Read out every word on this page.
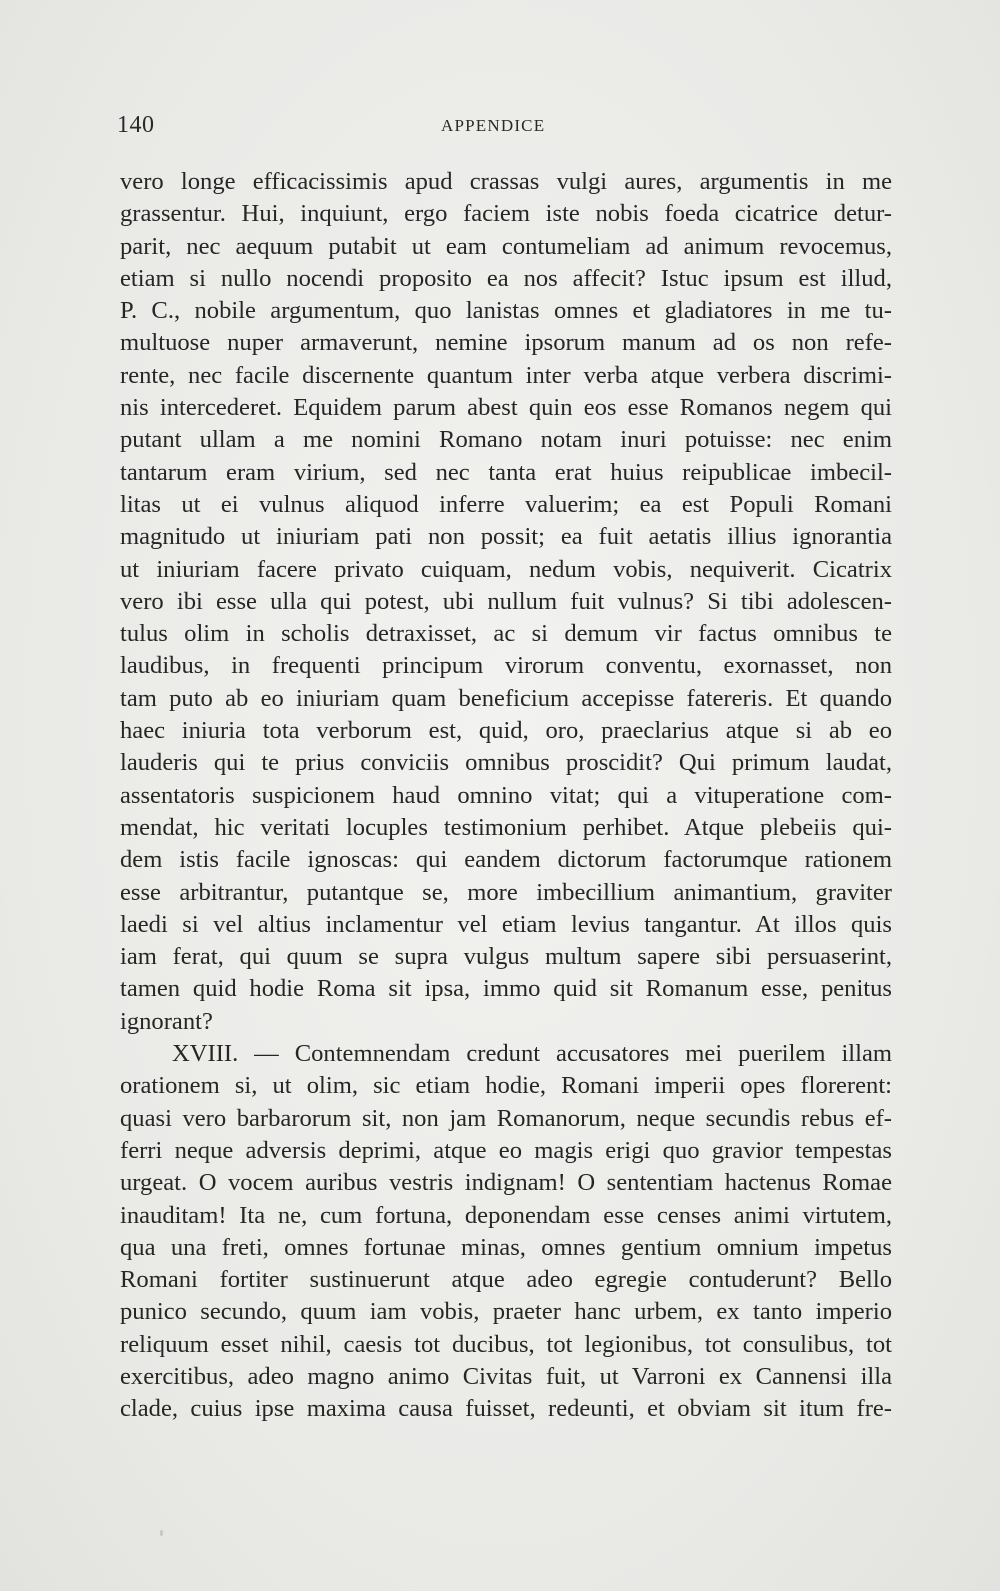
140	APPENDICE
vero longe efficacissimis apud crassas vulgi aures, argumentis in me
grassentur. Hui, inquiunt, ergo faciem iste nobis foeda cicatrice detur-
parit, nec aequum putabit ut eam contumeliam ad animum revocemus,
etiam si nullo nocendi proposito ea nos affecit? Istuc ipsum est illud,
P. C., nobile argumentum, quo lanistas omnes et gladiatores in me tu-
multuose nuper armaverunt, nemine ipsorum manum ad os non refe-
rente, nec facile discernente quantum inter verba atque verbera discrimi-
nis intercederet. Equidem parum abest quin eos esse Romanos negem qui
putant ullam a me nomini Romano notam inuri potuisse: nec enim
tantarum eram virium, sed nec tanta erat huius reipublicae imbecil-
litas ut ei vulnus aliquod inferre valuerim; ea est Populi Romani
magnitudo ut iniuriam pati non possit; ea fuit aetatis illius ignorantia
ut iniuriam facere privato cuiquam, nedum vobis, nequiverit. Cicatrix
vero ibi esse ulla qui potest, ubi nullum fuit vulnus? Si tibi adolescen-
tulus olim in scholis detraxisset, ac si demum vir factus omnibus te
laudibus, in frequenti principum virorum conventu, exornasset, non
tam puto ab eo iniuriam quam beneficium accepisse fatereris. Et quando
haec iniuria tota verborum est, quid, oro, praeclarius atque si ab eo
lauderis qui te prius conviciis omnibus proscidit? Qui primum laudat,
assentatoris suspicionem haud omnino vitat; qui a vituperatione com-
mendat, hic veritati locuples testimonium perhibet. Atque plebeiis qui-
dem istis facile ignoscas: qui eandem dictorum factorumque rationem
esse arbitrantur, putantque se, more imbecillium animantium, graviter
laedi si vel altius inclamentur vel etiam levius tangantur. At illos quis
iam ferat, qui quum se supra vulgus multum sapere sibi persuaserint,
tamen quid hodie Roma sit ipsa, immo quid sit Romanum esse, penitus
ignorant?
XVIII. — Contemnendam credunt accusatores mei puerilem illam
orationem si, ut olim, sic etiam hodie, Romani imperii opes florerent:
quasi vero barbarorum sit, non jam Romanorum, neque secundis rebus ef-
ferri neque adversis deprimi, atque eo magis erigi quo gravior tempestas
urgeat. O vocem auribus vestris indignam! O sententiam hactenus Romae
inauditam! Ita ne, cum fortuna, deponendam esse censes animi virtutem,
qua una freti, omnes fortunae minas, omnes gentium omnium impetus
Romani fortiter sustinuerunt atque adeo egregie contuderunt? Bello
punico secundo, quum iam vobis, praeter hanc urbem, ex tanto imperio
reliquum esset nihil, caesis tot ducibus, tot legionibus, tot consulibus, tot
exercitibus, adeo magno animo Civitas fuit, ut Varroni ex Cannensi illa
clade, cuius ipse maxima causa fuisset, redeunti, et obviam sit itum fre-
